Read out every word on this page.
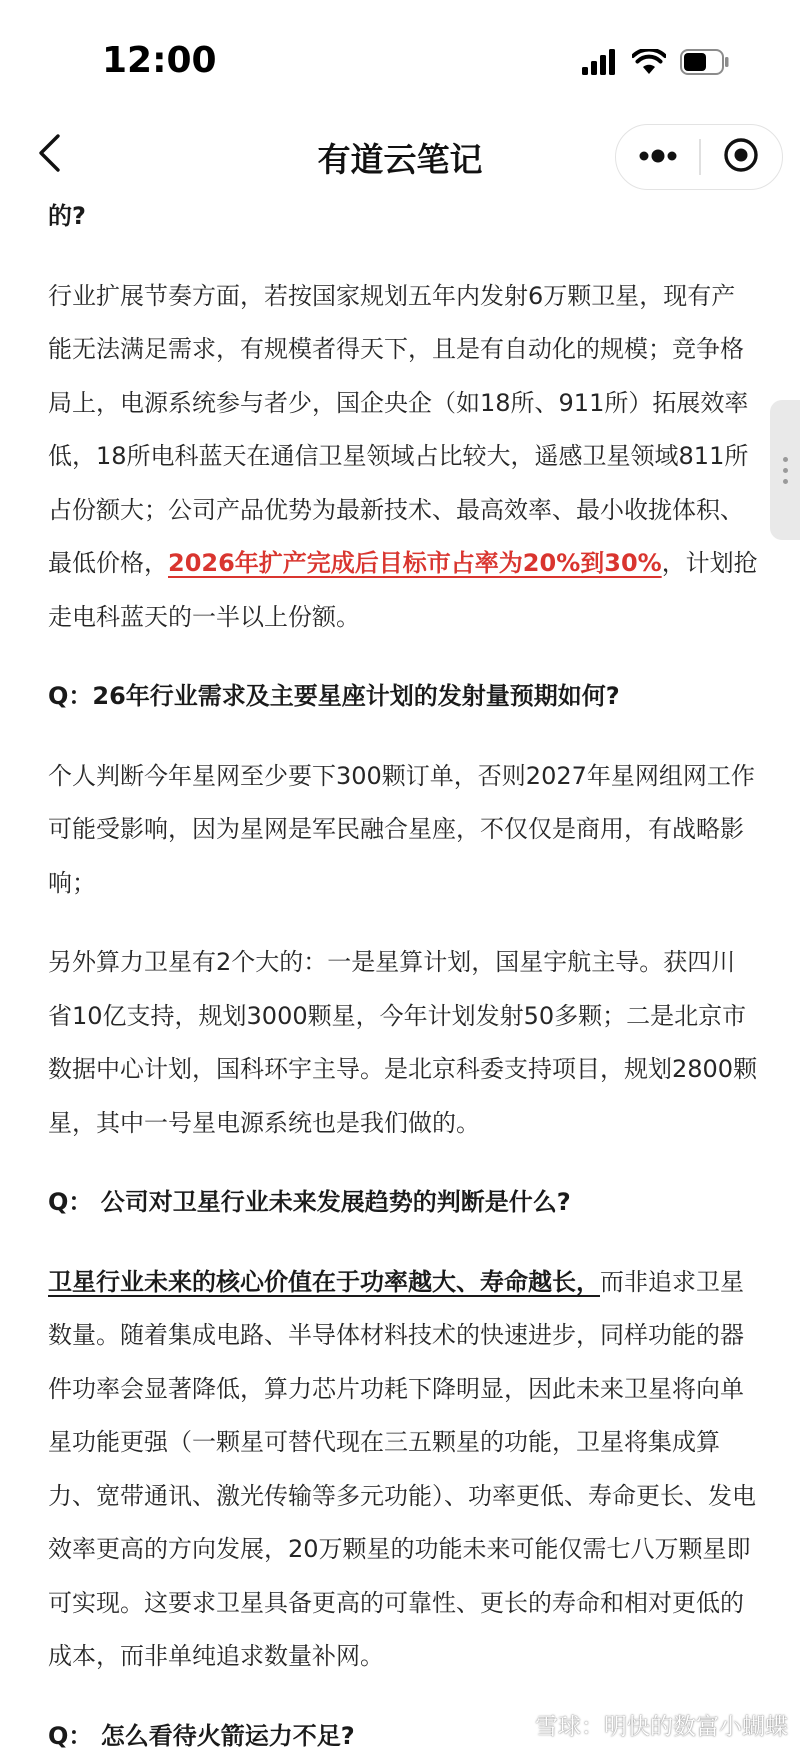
12:00
有道云笔记

的?

行业扩展节奏方面，若按国家规划五年内发射6万颗卫星，现有产能无法满足需求，有规模者得天下，且是有自动化的规模；竞争格局上，电源系统参与者少，国企央企（如18所、911所）拓展效率低，18所电科蓝天在通信卫星领域占比较大，遥感卫星领域811所占份额大；公司产品优势为最新技术、最高效率、最小收拢体积、最低价格，2026年扩产完成后目标市占率为20%到30%，计划抢走电科蓝天的一半以上份额。

Q：26年行业需求及主要星座计划的发射量预期如何?

个人判断今年星网至少要下300颗订单，否则2027年星网组网工作可能受影响，因为星网是军民融合星座，不仅仅是商用，有战略影响；

另外算力卫星有2个大的：一是星算计划，国星宇航主导。获四川省10亿支持，规划3000颗星，今年计划发射50多颗；二是北京市数据中心计划，国科环宇主导。是北京科委支持项目，规划2800颗星，其中一号星电源系统也是我们做的。

Q： 公司对卫星行业未来发展趋势的判断是什么?

卫星行业未来的核心价值在于功率越大、寿命越长，而非追求卫星数量。随着集成电路、半导体材料技术的快速进步，同样功能的器件功率会显著降低，算力芯片功耗下降明显，因此未来卫星将向单星功能更强（一颗星可替代现在三五颗星的功能，卫星将集成算力、宽带通讯、激光传输等多元功能）、功率更低、寿命更长、发电效率更高的方向发展，20万颗星的功能未来可能仅需七八万颗星即可实现。这要求卫星具备更高的可靠性、更长的寿命和相对更低的成本，而非单纯追求数量补网。

Q： 怎么看待火箭运力不足?	雪球：明快的数富小蝴蝶
